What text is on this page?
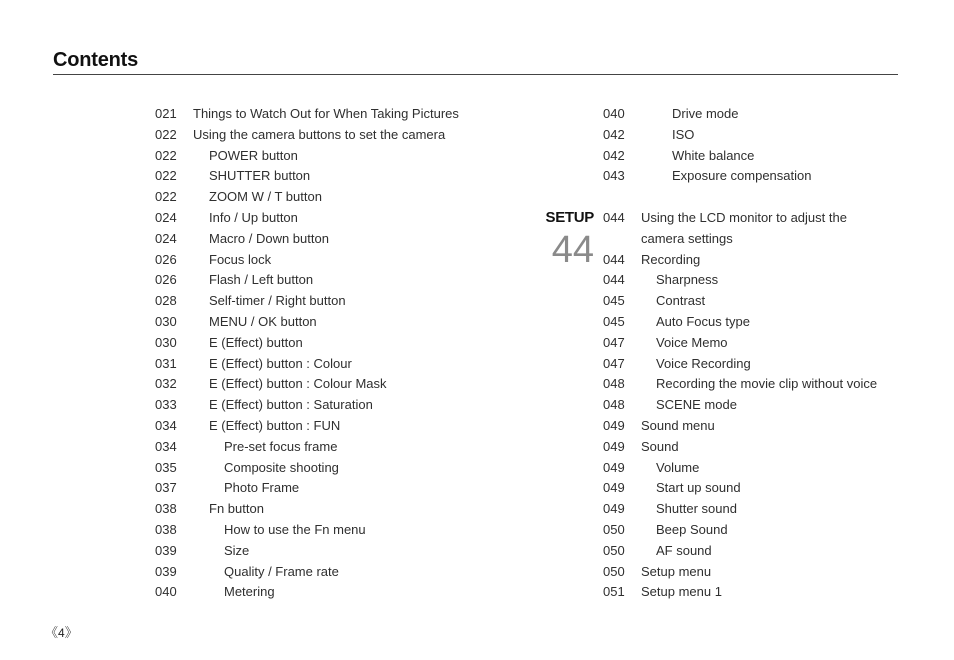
Contents
021	Things to Watch Out for When Taking Pictures
022	Using the camera buttons to set the camera
022	POWER button
022	SHUTTER button
022	ZOOM W / T button
024	Info / Up button
024	Macro / Down button
026	Focus lock
026	Flash / Left button
028	Self-timer / Right button
030	MENU / OK button
030	E (Effect) button
031	E (Effect) button : Colour
032	E (Effect) button : Colour Mask
033	E (Effect) button : Saturation
034	E (Effect) button : FUN
034	Pre-set focus frame
035	Composite shooting
037	Photo Frame
038	Fn button
038	How to use the Fn menu
039	Size
039	Quality / Frame rate
040	Metering
SETUP
44
040	Drive mode
042	ISO
042	White balance
043	Exposure compensation
044	Using the LCD monitor to adjust the
camera settings
044	Recording
044	Sharpness
045	Contrast
045	Auto Focus type
047	Voice Memo
047	Voice Recording
048	Recording the movie clip without voice
048	SCENE mode
049	Sound menu
049	Sound
049	Volume
049	Start up sound
049	Shutter sound
050	Beep Sound
050	AF sound
050	Setup menu
051	Setup menu 1
《4》
